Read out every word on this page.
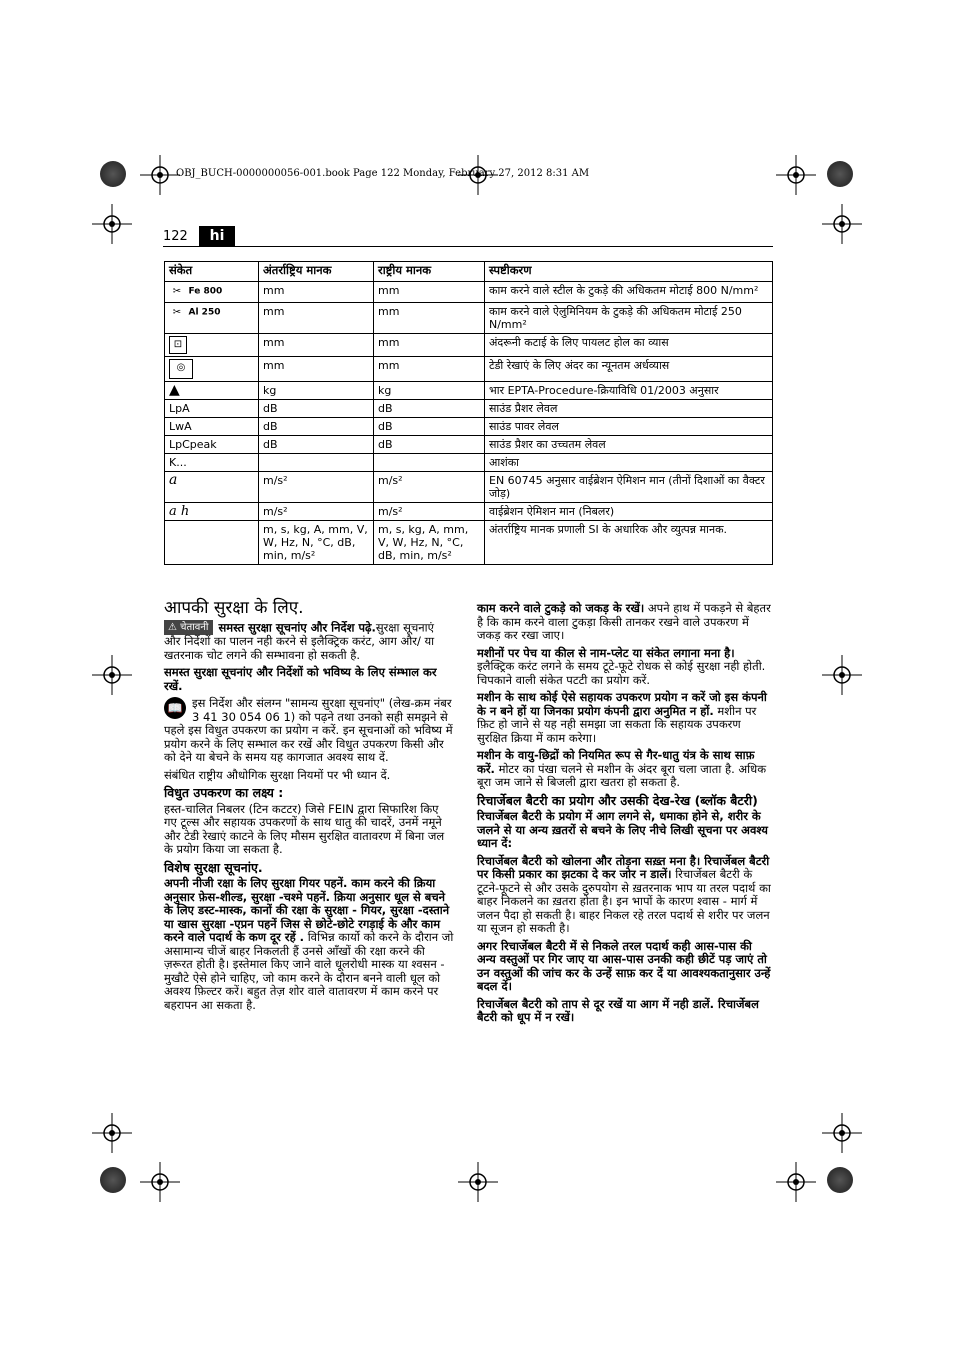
OBJ_BUCH-0000000056-001.book Page 122 Monday, February 27, 2012 8:31 AM
122	hi
संकेत	अंतर्राष्ट्रिय मानक	राष्ट्रीय मानक	स्पष्टीकरण
✂ Fe 800	mm	mm	काम करने वाले स्टील के टुकड़े की अधिकतम मोटाई 800 N/mm²
✂ Al 250	mm	mm	काम करने वाले ऐलुमिनियम के टुकड़े की अधिकतम मोटाई 250 N/mm²
⊡	mm	mm	अंदरूनी कटाई के लिए पायलट होल का व्यास
◎	mm	mm	टेडी रेखाएं के लिए अंदर का न्यूनतम अर्धव्यास
▲	kg	kg	भार EPTA-Procedure-क्रियाविधि 01/2003 अनुसार
LpA	dB	dB	साउंड प्रैशर लेवल
LwA	dB	dB	साउंड पावर लेवल
LpCpeak	dB	dB	साउंड प्रैशर का उच्चतम लेवल
K...			आशंका
a	m/s²	m/s²	EN 60745 अनुसार वाईब्रेशन ऐमिशन मान (तीनों दिशाओं का वैक्टर जोड़)
a h	m/s²	m/s²	वाईब्रेशन ऐमिशन मान (निबलर)
	m, s, kg, A, mm, V, W, Hz, N, °C, dB, min, m/s²	m, s, kg, A, mm, V, W, Hz, N, °C, dB, min, m/s²	अंतर्राष्ट्रिय मानक प्रणाली SI के अधारिक और व्युत्पन्न मानक.
आपकी सुरक्षा के लिए.

⚠ चेतावनी समस्त सुरक्षा सूचनांए और निर्देश पढ़े.सुरक्षा सूचनाएं और निर्देशों का पालन नही करने से इलैक्ट्रिक करंट, आग और/ या खतरनाक चोट लगने की सम्भावना हो सकती है.

समस्त सुरक्षा सूचनांए और निर्देशों को भविष्य के लिए संम्भाल कर रखें.

📖 इस निर्देश और संलग्न "सामन्य सुरक्षा सूचनांए" (लेख-क्रम नंबर 3 41 30 054 06 1) को पढ़ने तथा उनको सही समझने से पहले इस विधुत उपकरण का प्रयोग न करें. इन सूचनाओं को भविष्य में प्रयोग करने के लिए सम्भाल कर रखें और विधुत उपकरण किसी और को देने या बेचने के समय यह कागजात अवश्य साथ दें.

संबंधित राष्ट्रीय औधोगिक सुरक्षा नियमों पर भी ध्यान दें.

विधुत उपकरण का लक्ष्य :

हस्त-चालित निबलर (टिन कटटर) जिसे FEIN द्वारा सिफारिश किए गए टूल्स और सहायक उपकरणों के साथ धातु की चादरें, उनमें नमूने और टेडी रेखाएं काटने के लिए मौसम सुरक्षित वातावरण में बिना जल के प्रयोग किया जा सकता है.

विशेष सुरक्षा सूचनांए.

अपनी नीजी रक्षा के लिए सुरक्षा गियर पहनें. काम करने की क्रिया अनुसार फ़ेस-शील्ड, सुरक्षा -चश्मे पहनें. क्रिया अनुसार धूल से बचने के लिए डस्ट-मास्क, कानों की रक्षा के सुरक्षा - गियर, सुरक्षा -दस्ताने या खास सुरक्षा -एप्रन पहनें जिस से छोटे-छोटे रगड़ाई के और काम करने वाले पदार्थ के कण दूर रहें . विभिन्न कार्यो को करने के दौरान जो असामान्य चीजें बाहर निकलती हैं उनसे आँखों की रक्षा करने की ज़रूरत होती है। इस्तेमाल किए जाने वाले धूलरोधी मास्क या श्वसन - मुखौटे ऐसे होने चाहिए, जो काम करने के दौरान बनने वाली धूल को अवश्य फ़िल्टर करें। बहुत तेज़ शोर वाले वातावरण में काम करने पर बहरापन आ सकता है.

काम करने वाले टुकड़े को जकड़ के रखें। अपने हाथ में पकड़ने से बेहतर है कि काम करने वाला टुकड़ा किसी तानकर रखने वाले उपकरण में जकड़ कर रखा जाए।

मशीनों पर पेच या कील से नाम-प्लेट या संकेत लगाना मना है। इलैक्ट्रिक करंट लगने के समय टूटे-फूटे रोधक से कोई सुरक्षा नही होती. चिपकाने वाली संकेत पटटी का प्रयोग करें.

मशीन के साथ कोई ऐसे सहायक उपकरण प्रयोग न करें जो इस कंपनी के न बने हों या जिनका प्रयोग कंपनी द्वारा अनुमित न हों. मशीन पर फ़िट हो जाने से यह नही समझा जा सकता कि सहायक उपकरण सुरक्षित क्रिया में काम करेगा।

मशीन के वायु-छिद्रों को नियमित रूप से गैर-धातु यंत्र के साथ साफ़ करें. मोटर का पंखा चलने से मशीन के अंदर बूरा चला जाता है. अधिक बूरा जम जाने से बिजली द्वारा खतरा हो सकता है.

रिचार्जेबल बैटरी का प्रयोग और उसकी देख-रेख (ब्लॉक बैटरी)

रिचार्जेबल बैटरी के प्रयोग में आग लगने से, धमाका होने से, शरीर के जलने से या अन्य ख़तरों से बचने के लिए नीचे लिखी सूचना पर अवश्य ध्यान दें:

रिचार्जेबल बैटरी को खोलना और तोड़ना सख़्त मना है। रिचार्जेबल बैटरी पर किसी प्रकार का झटका दे कर जोर न डालें। रिचार्जेबल बैटरी के टूटने-फूटने से और उसके दुरुपयोग से ख़तरनाक भाप या तरल पदार्थ का बाहर निकलने का ख़तरा होता है। इन भापों के कारण श्वास - मार्ग में जलन पैदा हो सकती है। बाहर निकल रहे तरल पदार्थ से शरीर पर जलन या सूजन हो सकती है।

अगर रिचार्जेबल बैटरी में से निकले तरल पदार्थ कही आस-पास की अन्य वस्तुओं पर गिर जाए या आस-पास उनकी कही छीटें पड़ जाएं तो उन वस्तुओं की जांच कर के उन्हें साफ़ कर दें या आवश्यकतानुसार उन्हें बदल दें।

रिचार्जेबल बैटरी को ताप से दूर रखें या आग में नही डालें. रिचार्जेबल बैटरी को धूप में न रखें।
